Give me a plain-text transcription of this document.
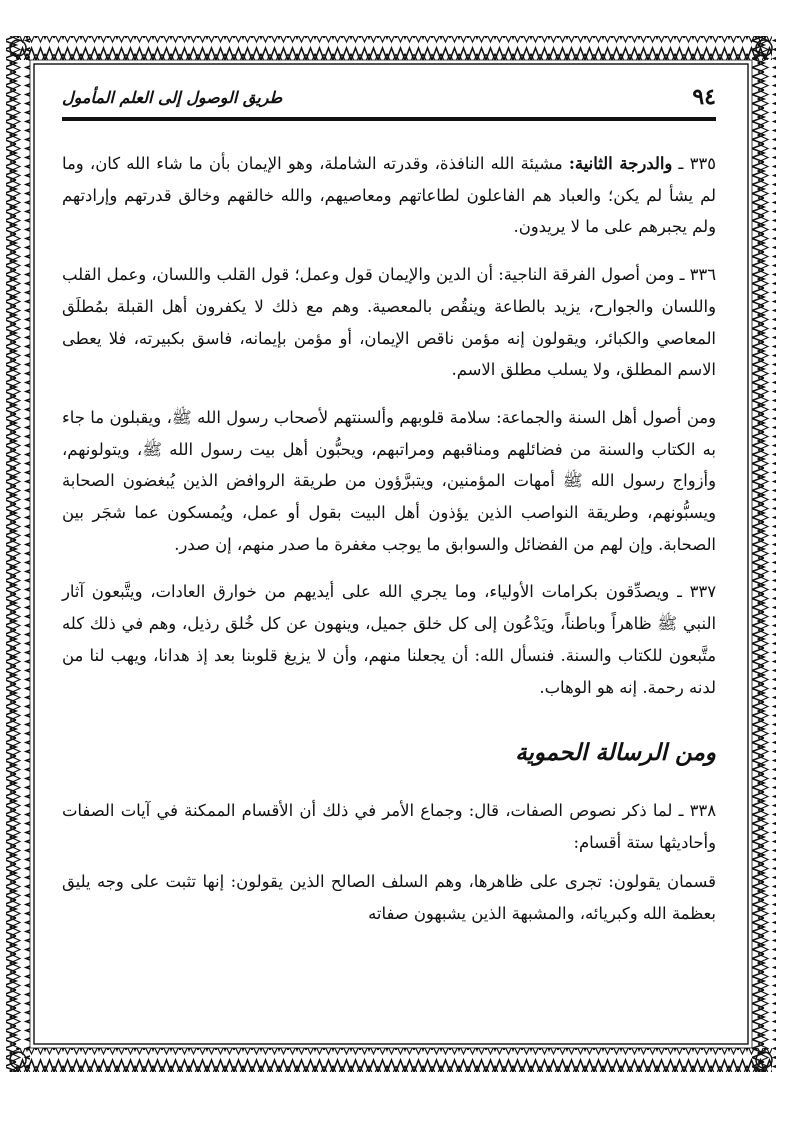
طريق الوصول إلى العلم المأمول	٩٤

٣٣٥ ـ والدرجة الثانية: مشيئة الله النافذة، وقدرته الشاملة، وهو الإيمان بأن ما شاء الله كان، وما لم يشأ لم يكن؛ والعباد هم الفاعلون لطاعاتهم ومعاصيهم، والله خالقهم وخالق قدرتهم وإرادتهم ولم يجبرهم على ما لا يريدون.

٣٣٦ ـ ومن أصول الفرقة الناجية: أن الدين والإيمان قول وعمل؛ قول القلب واللسان، وعمل القلب واللسان والجوارح، يزيد بالطاعة وينقُص بالمعصية. وهم مع ذلك لا يكفرون أهل القبلة بمُطلَق المعاصي والكبائر، ويقولون إنه مؤمن ناقص الإيمان، أو مؤمن بإيمانه، فاسق بكبيرته، فلا يعطى الاسم المطلق، ولا يسلب مطلق الاسم.

ومن أصول أهل السنة والجماعة: سلامة قلوبهم وألسنتهم لأصحاب رسول الله ﷺ، ويقبلون ما جاء به الكتاب والسنة من فضائلهم ومناقبهم ومراتبهم، ويحبُّون أهل بيت رسول الله ﷺ، ويتولونهم، وأزواج رسول الله ﷺ أمهات المؤمنين، ويتبرَّؤون من طريقة الروافض الذين يُبغضون الصحابة ويسبُّونهم، وطريقة النواصب الذين يؤذون أهل البيت بقول أو عمل، ويُمسكون عما شجَر بين الصحابة. وإن لهم من الفضائل والسوابق ما يوجب مغفرة ما صدر منهم، إن صدر.

٣٣٧ ـ ويصدِّقون بكرامات الأولياء، وما يجري الله على أيديهم من خوارق العادات، ويتَّبعون آثار النبي ﷺ ظاهراً وباطناً، ويَدْعُون إلى كل خلق جميل، وينهون عن كل خُلق رذيل، وهم في ذلك كله متَّبعون للكتاب والسنة. فنسأل الله: أن يجعلنا منهم، وأن لا يزيغ قلوبنا بعد إذ هدانا، ويهب لنا من لدنه رحمة. إنه هو الوهاب.

ومن الرسالة الحموية

٣٣٨ ـ لما ذكر نصوص الصفات، قال: وجماع الأمر في ذلك أن الأقسام الممكنة في آيات الصفات وأحاديثها ستة أقسام:

قسمان يقولون: تجرى على ظاهرها، وهم السلف الصالح الذين يقولون: إنها تثبت على وجه يليق بعظمة الله وكبريائه، والمشبهة الذين يشبهون صفاته
